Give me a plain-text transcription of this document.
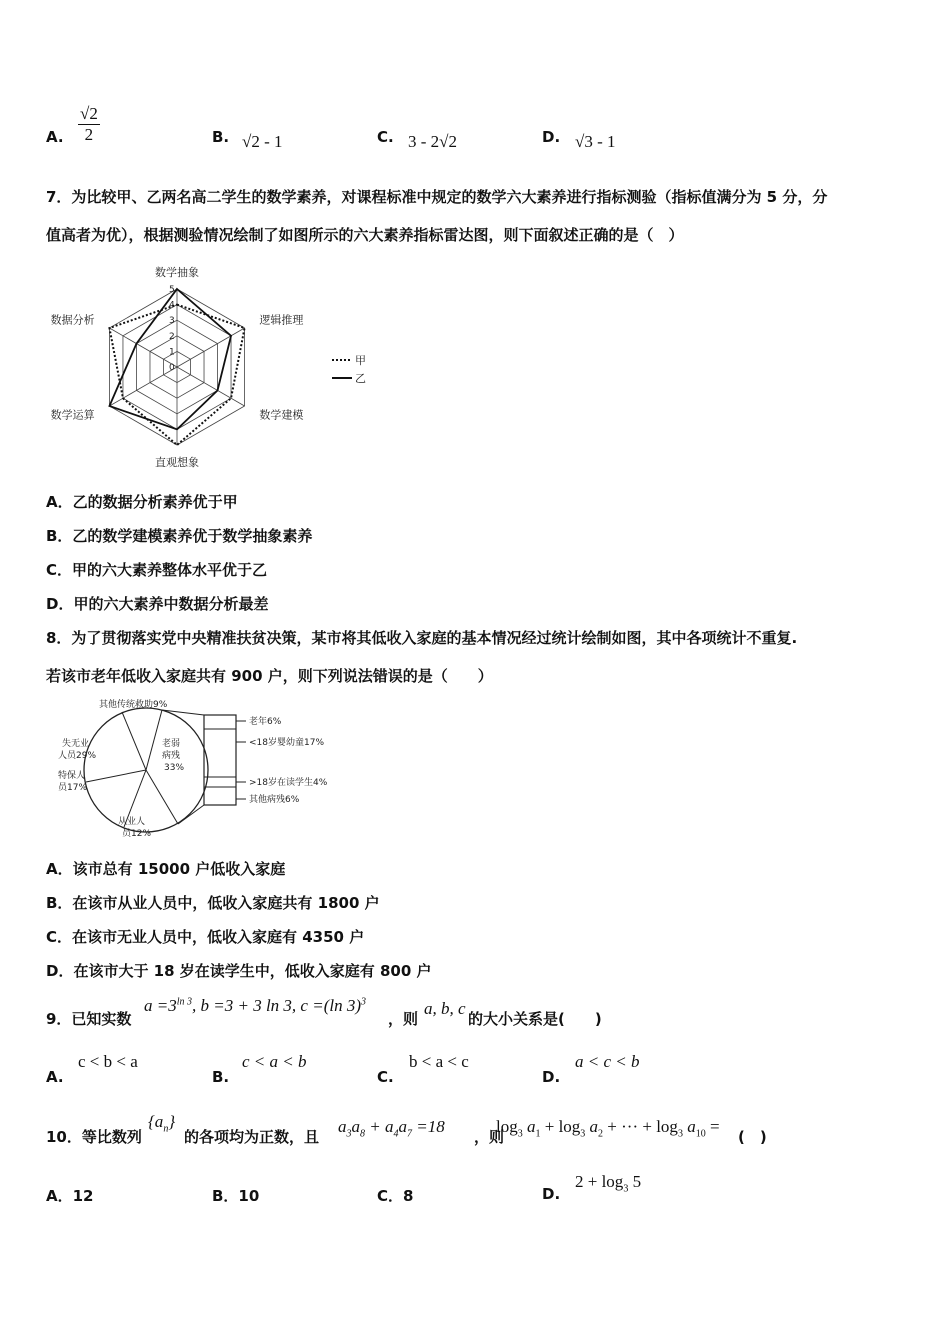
A. $\frac{√2}{2}$	B. √2 - 1	C. 3 - 2√2	D. √3 - 1
7．为比较甲、乙两名高二学生的数学素养，对课程标准中规定的数学六大素养进行指标测验（指标值满分为 5 分，分
值高者为优），根据测验情况绘制了如图所示的六大素养指标雷达图，则下面叙述正确的是（　）
0
1
2
3
4
5
数学抽象
逻辑推理
数学建模
直观想象
数学运算
数据分析
甲
乙
A．乙的数据分析素养优于甲
B．乙的数学建模素养优于数学抽象素养
C．甲的六大素养整体水平优于乙
D．甲的六大素养中数据分析最差
8．为了贯彻落实党中央精准扶贫决策，某市将其低收入家庭的基本情况经过统计绘制如图，其中各项统计不重复.
若该市老年低收入家庭共有 900 户，则下列说法错误的是（　　）
其他传统救助9%
失无业
人员29%
老弱
病残
33%
特保人
员17%
从业人
员12%
老年6%
<18岁婴幼童17%
>18岁在读学生4%
其他病残6%
A．该市总有 15000 户低收入家庭
B．在该市从业人员中，低收入家庭共有 1800 户
C．在该市无业人员中，低收入家庭有 4350 户
D．在该市大于 18 岁在读学生中，低收入家庭有 800 户
9．已知实数
$a =3^{ln 3}$, b =3 + 3 ln 3, c =(ln 3)$^3$
，则
a, b, c
的大小关系是(　　)
A.
c < b < a
B.
c < a < b
C.
b < a < c
D.
a < c < b
10．等比数列
$\{a_n\}$
的各项均为正数，且
$a_3a_8 + a_4a_7 =18$
，则
$\log_3 a_1 + \log_3 a_2$ + ··· + $\log_3 a_{10}$ =
(　)
A．12	B．10	C．8	D.
$2 + \log_3 5$
